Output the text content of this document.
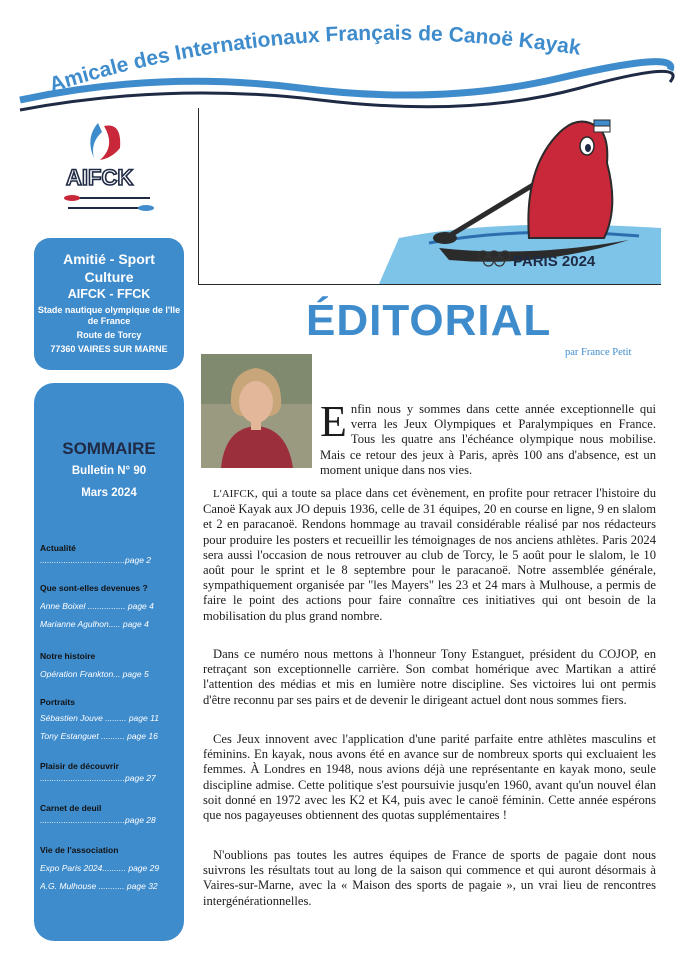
Amicale des Internationaux Français de Canoë Kayak
PARIS 2024
AIFCK
Amitié - Sport
Culture
AIFCK - FFCK
Stade nautique olympique de l'Ile de France
Route de Torcy
77360 VAIRES SUR MARNE
SOMMAIRE
Bulletin N° 90
Mars 2024
Actualité
....................................page 2
Que sont-elles devenues ?
Anne Boixel ................ page 4
Marianne Agulhon..... page 4
Notre histoire
Opération Frankton... page 5
Portraits
Sébastien Jouve ......... page 11
Tony Estanguet .......... page 16
Plaisir de découvrir
....................................page 27
Carnet de deuil
....................................page 28
Vie de l'association
Expo Paris 2024.......... page 29
A.G. Mulhouse ........... page 32
ÉDITORIAL
par France Petit
Enfin nous y sommes dans cette année exceptionnelle qui verra les Jeux Olympiques et Paralympiques en France. Tous les quatre ans l'échéance olympique nous mobilise. Mais ce retour des jeux à Paris, après 100 ans d'absence, est un moment unique dans nos vies.
L'AIFCK, qui a toute sa place dans cet évènement, en profite pour retracer l'histoire du Canoë Kayak aux JO depuis 1936, celle de 31 équipes, 20 en course en ligne, 9 en slalom et 2 en paracanoë. Rendons hommage au travail considérable réalisé par nos rédacteurs pour produire les posters et recueillir les témoignages de nos anciens athlètes. Paris 2024 sera aussi l'occasion de nous retrouver au club de Torcy, le 5 août pour le slalom, le 10 août pour le sprint et le 8 septembre pour le paracanoë. Notre assemblée générale, sympathiquement organisée par "les Mayers" les 23 et 24 mars à Mulhouse, a permis de faire le point des actions pour faire connaître ces initiatives qui ont besoin de la mobilisation du plus grand nombre.
Dans ce numéro nous mettons à l'honneur Tony Estanguet, président du COJOP, en retraçant son exceptionnelle carrière. Son combat homérique avec Martikan a attiré l'attention des médias et mis en lumière notre discipline. Ses victoires lui ont permis d'être reconnu par ses pairs et de devenir le dirigeant actuel dont nous sommes fiers.
Ces Jeux innovent avec l'application d'une parité parfaite entre athlètes masculins et féminins. En kayak, nous avons été en avance sur de nombreux sports qui excluaient les femmes. À Londres en 1948, nous avions déjà une représentante en kayak mono, seule discipline admise. Cette politique s'est poursuivie jusqu'en 1960, avant qu'un nouvel élan soit donné en 1972 avec les K2 et K4, puis avec le canoë féminin. Cette année espérons que nos pagayeuses obtiennent des quotas supplémentaires !
N'oublions pas toutes les autres équipes de France de sports de pagaie dont nous suivrons les résultats tout au long de la saison qui commence et qui auront désormais à Vaires-sur-Marne, avec la « Maison des sports de pagaie », un vrai lieu de rencontres intergénérationnelles.
